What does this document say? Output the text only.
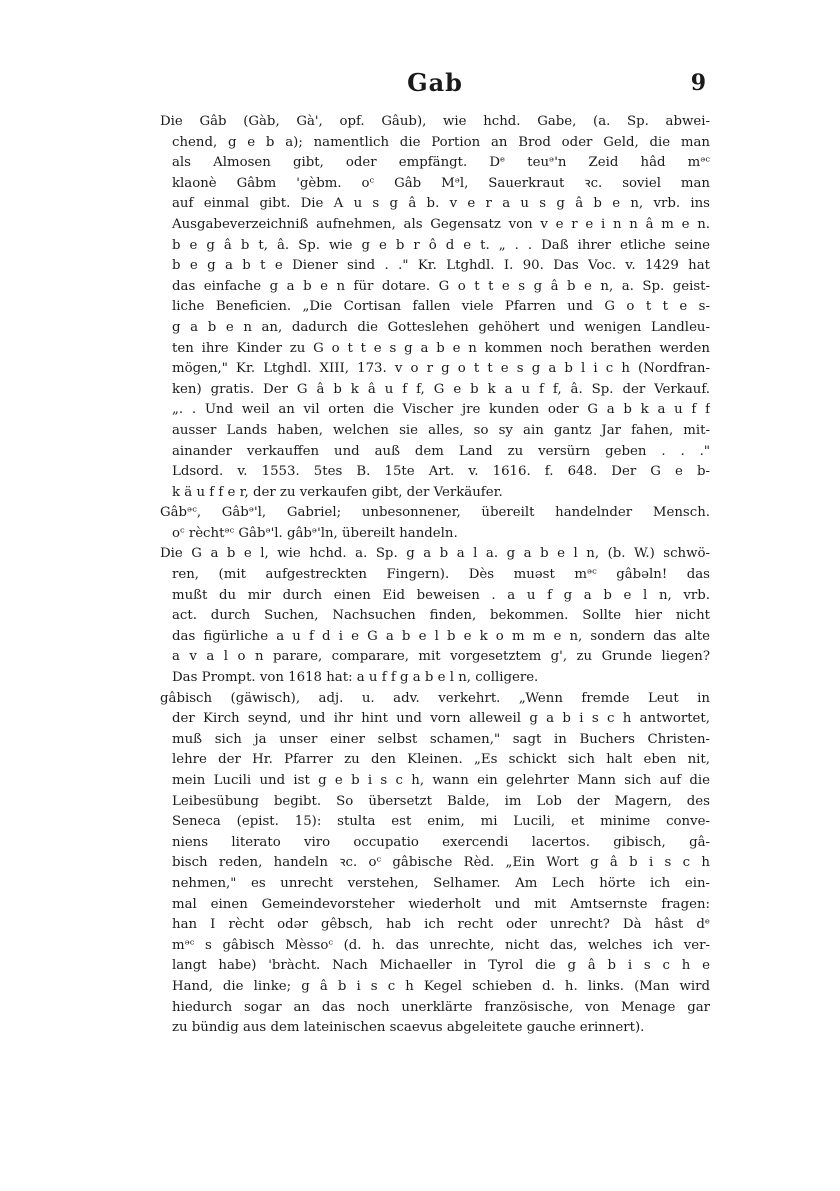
Gab	9
Die Gâb (Gàb, Gà', opf. Gâub), wie hchd. Gabe, (a. Sp. abwei-
chend, g e b a); namentlich die Portion an Brod oder Geld, die man
als Almosen gibt, oder empfängt. Dᵉ teuᵊ'n Zeid hâd mᵊᶜ
klaonè Gâbm 'gèbm. oᶜ Gâb Mᵊl, Sauerkraut ꝛc. soviel man
auf einmal gibt. Die A u s g â b. v e r a u s g â b e n, vrb. ins
Ausgabeverzeichniß aufnehmen, als Gegensatz von v e r e i n n â m e n.
b e g â b t, â. Sp. wie g e b r ô d e t. „ . . Daß ihrer etliche seine
b e g a b t e Diener sind . ." Kr. Ltghdl. I. 90. Das Voc. v. 1429 hat
das einfache g a b e n für dotare. G o t t e s g â b e n, a. Sp. geist-
liche Beneficien. „Die Cortisan fallen viele Pfarren und G o t t e s-
g a b e n an, dadurch die Gotteslehen gehöhert und wenigen Landleu-
ten ihre Kinder zu G o t t e s g a b e n kommen noch berathen werden
mögen," Kr. Ltghdl. XIII, 173. v o r g o t t e s g a b l i c h (Nordfran-
ken) gratis. Der G â b k â u f f, G e b k a u f f, â. Sp. der Verkauf.
„. . Und weil an vil orten die Vischer jre kunden oder G a b k a u f f
ausser Lands haben, welchen sie alles, so sy ain gantz Jar fahen, mit-
ainander verkauffen und auß dem Land zu versürn geben . . ."
Ldsord. v. 1553. 5tes B. 15te Art. v. 1616. f. 648. Der G e b-
k ä u f f e r, der zu verkaufen gibt, der Verkäufer.
Gâbᵊᶜ, Gâbᵊ'l, Gabriel; unbesonnener, übereilt handelnder Mensch.
oᶜ rèchtᵊᶜ Gâbᵊ'l. gâbᵊ'ln, übereilt handeln.
Die G a b e l, wie hchd. a. Sp. g a b a l a. g a b e l n, (b. W.) schwö-
ren, (mit aufgestreckten Fingern). Dès muəst mᵊᶜ gâbəln! das
mußt du mir durch einen Eid beweisen . a u f g a b e l n, vrb.
act. durch Suchen, Nachsuchen finden, bekommen. Sollte hier nicht
das figürliche a u f d i e G a b e l b e k o m m e n, sondern das alte
a v a l o n parare, comparare, mit vorgesetztem g', zu Grunde liegen?
Das Prompt. von 1618 hat: a u f f g a b e l n, colligere.
gâbisch (gäwisch), adj. u. adv. verkehrt. „Wenn fremde Leut in
der Kirch seynd, und ihr hint und vorn alleweil g a b i s c h antwortet,
muß sich ja unser einer selbst schamen," sagt in Buchers Christen-
lehre der Hr. Pfarrer zu den Kleinen. „Es schickt sich halt eben nit,
mein Lucili und ist g e b i s c h, wann ein gelehrter Mann sich auf die
Leibesübung begibt. So übersetzt Balde, im Lob der Magern, des
Seneca (epist. 15): stulta est enim, mi Lucili, et minime conve-
niens literato viro occupatio exercendi lacertos. gibisch, gâ-
bisch reden, handeln ꝛc. oᶜ gâbische Rèd. „Ein Wort g â b i s c h
nehmen," es unrecht verstehen, Selhamer. Am Lech hörte ich ein-
mal einen Gemeindevorsteher wiederholt und mit Amtsernste fragen:
han I rècht odər gêbsch, hab ich recht oder unrecht? Dà hâst dᵉ
mᵊᶜ s gâbisch Mèssoᶜ (d. h. das unrechte, nicht das, welches ich ver-
langt habe) 'bràcht. Nach Michaeller in Tyrol die g â b i s c h e
Hand, die linke; g â b i s c h Kegel schieben d. h. links. (Man wird
hiedurch sogar an das noch unerklärte französische, von Menage gar
zu bündig aus dem lateinischen scaevus abgeleitete gauche erinnert).
